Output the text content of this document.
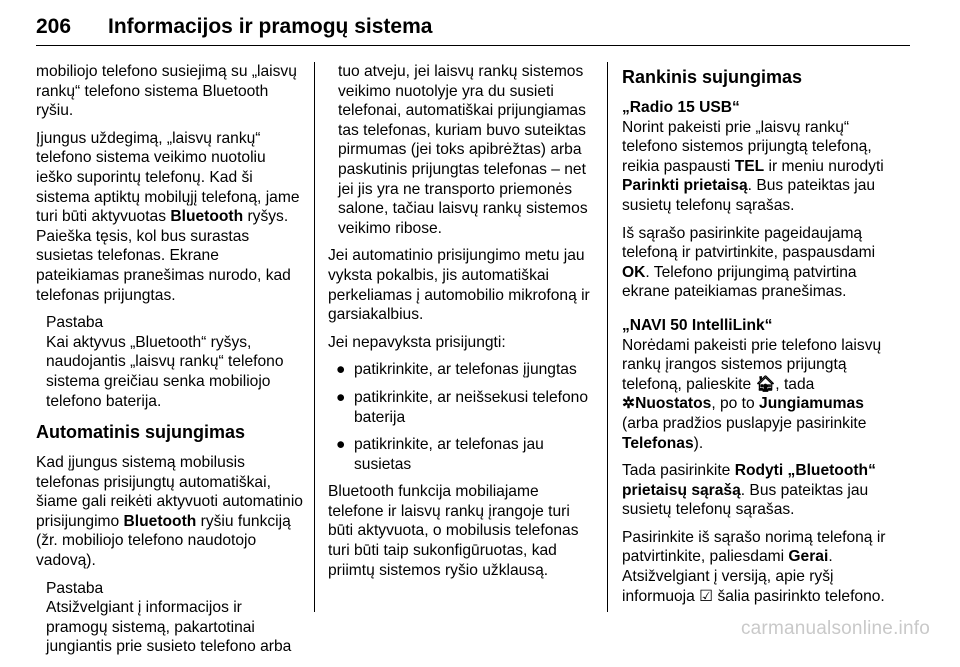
206	Informacijos ir pramogų sistema

mobiliojo telefono susiejimą su „laisvų rankų“ telefono sistema Bluetooth ryšiu.

Įjungus uždegimą, „laisvų rankų“ telefono sistema veikimo nuotoliu ieško suporintų telefonų. Kad ši sistema aptiktų mobilųjį telefoną, jame turi būti aktyvuotas Bluetooth ryšys. Paieška tęsis, kol bus surastas susietas telefonas. Ekrane pateikiamas pranešimas nurodo, kad telefonas prijungtas.

Pastaba
Kai aktyvus „Bluetooth“ ryšys, naudojantis „laisvų rankų“ telefono sistema greičiau senka mobiliojo telefono baterija.
Automatinis sujungimas

Kad įjungus sistemą mobilusis telefonas prisijungtų automatiškai, šiame gali reikėti aktyvuoti automatinio prisijungimo Bluetooth ryšiu funkciją (žr. mobiliojo telefono naudotojo vadovą).

Pastaba
Atsižvelgiant į informacijos ir pramogų sistemą, pakartotinai jungiantis prie susieto telefono arba

tuo atveju, jei laisvų rankų sistemos veikimo nuotolyje yra du susieti telefonai, automatiškai prijungiamas tas telefonas, kuriam buvo suteiktas pirmumas (jei toks apibrėžtas) arba paskutinis prijungtas telefonas – net jei jis yra ne transporto priemonės salone, tačiau laisvų rankų sistemos veikimo ribose.

Jei automatinio prisijungimo metu jau vyksta pokalbis, jis automatiškai perkeliamas į automobilio mikrofoną ir garsiakalbius.

Jei nepavyksta prisijungti:

● patikrinkite, ar telefonas įjungtas
● patikrinkite, ar neišsekusi telefono baterija
● patikrinkite, ar telefonas jau susietas

Bluetooth funkcija mobiliajame telefone ir laisvų rankų įrangoje turi būti aktyvuota, o mobilusis telefonas turi būti taip sukonfigūruotas, kad priimtų sistemos ryšio užklausą.

Rankinis sujungimas
„Radio 15 USB“

Norint pakeisti prie „laisvų rankų“ telefono sistemos prijungtą telefoną, reikia paspausti TEL ir meniu nurodyti Parinkti prietaisą. Bus pateiktas jau susietų telefonų sąrašas.

Iš sąrašo pasirinkite pageidaujamą telefoną ir patvirtinkite, paspausdami OK. Telefono prijungimą patvirtina ekrane pateikiamas pranešimas.

„NAVI 50 IntelliLink“

Norėdami pakeisti prie telefono laisvų rankų įrangos sistemos prijungtą telefoną, palieskite 🏠︎, tada ✲Nuostatos, po to Jungiamumas (arba pradžios puslapyje pasirinkite Telefonas).

Tada pasirinkite Rodyti „Bluetooth“ prietaisų sąrašą. Bus pateiktas jau susietų telefonų sąrašas.

Pasirinkite iš sąrašo norimą telefoną ir patvirtinkite, paliesdami Gerai. Atsižvelgiant į versiją, apie ryšį informuoja ☑ šalia pasirinkto telefono.

carmanualsonline.info
